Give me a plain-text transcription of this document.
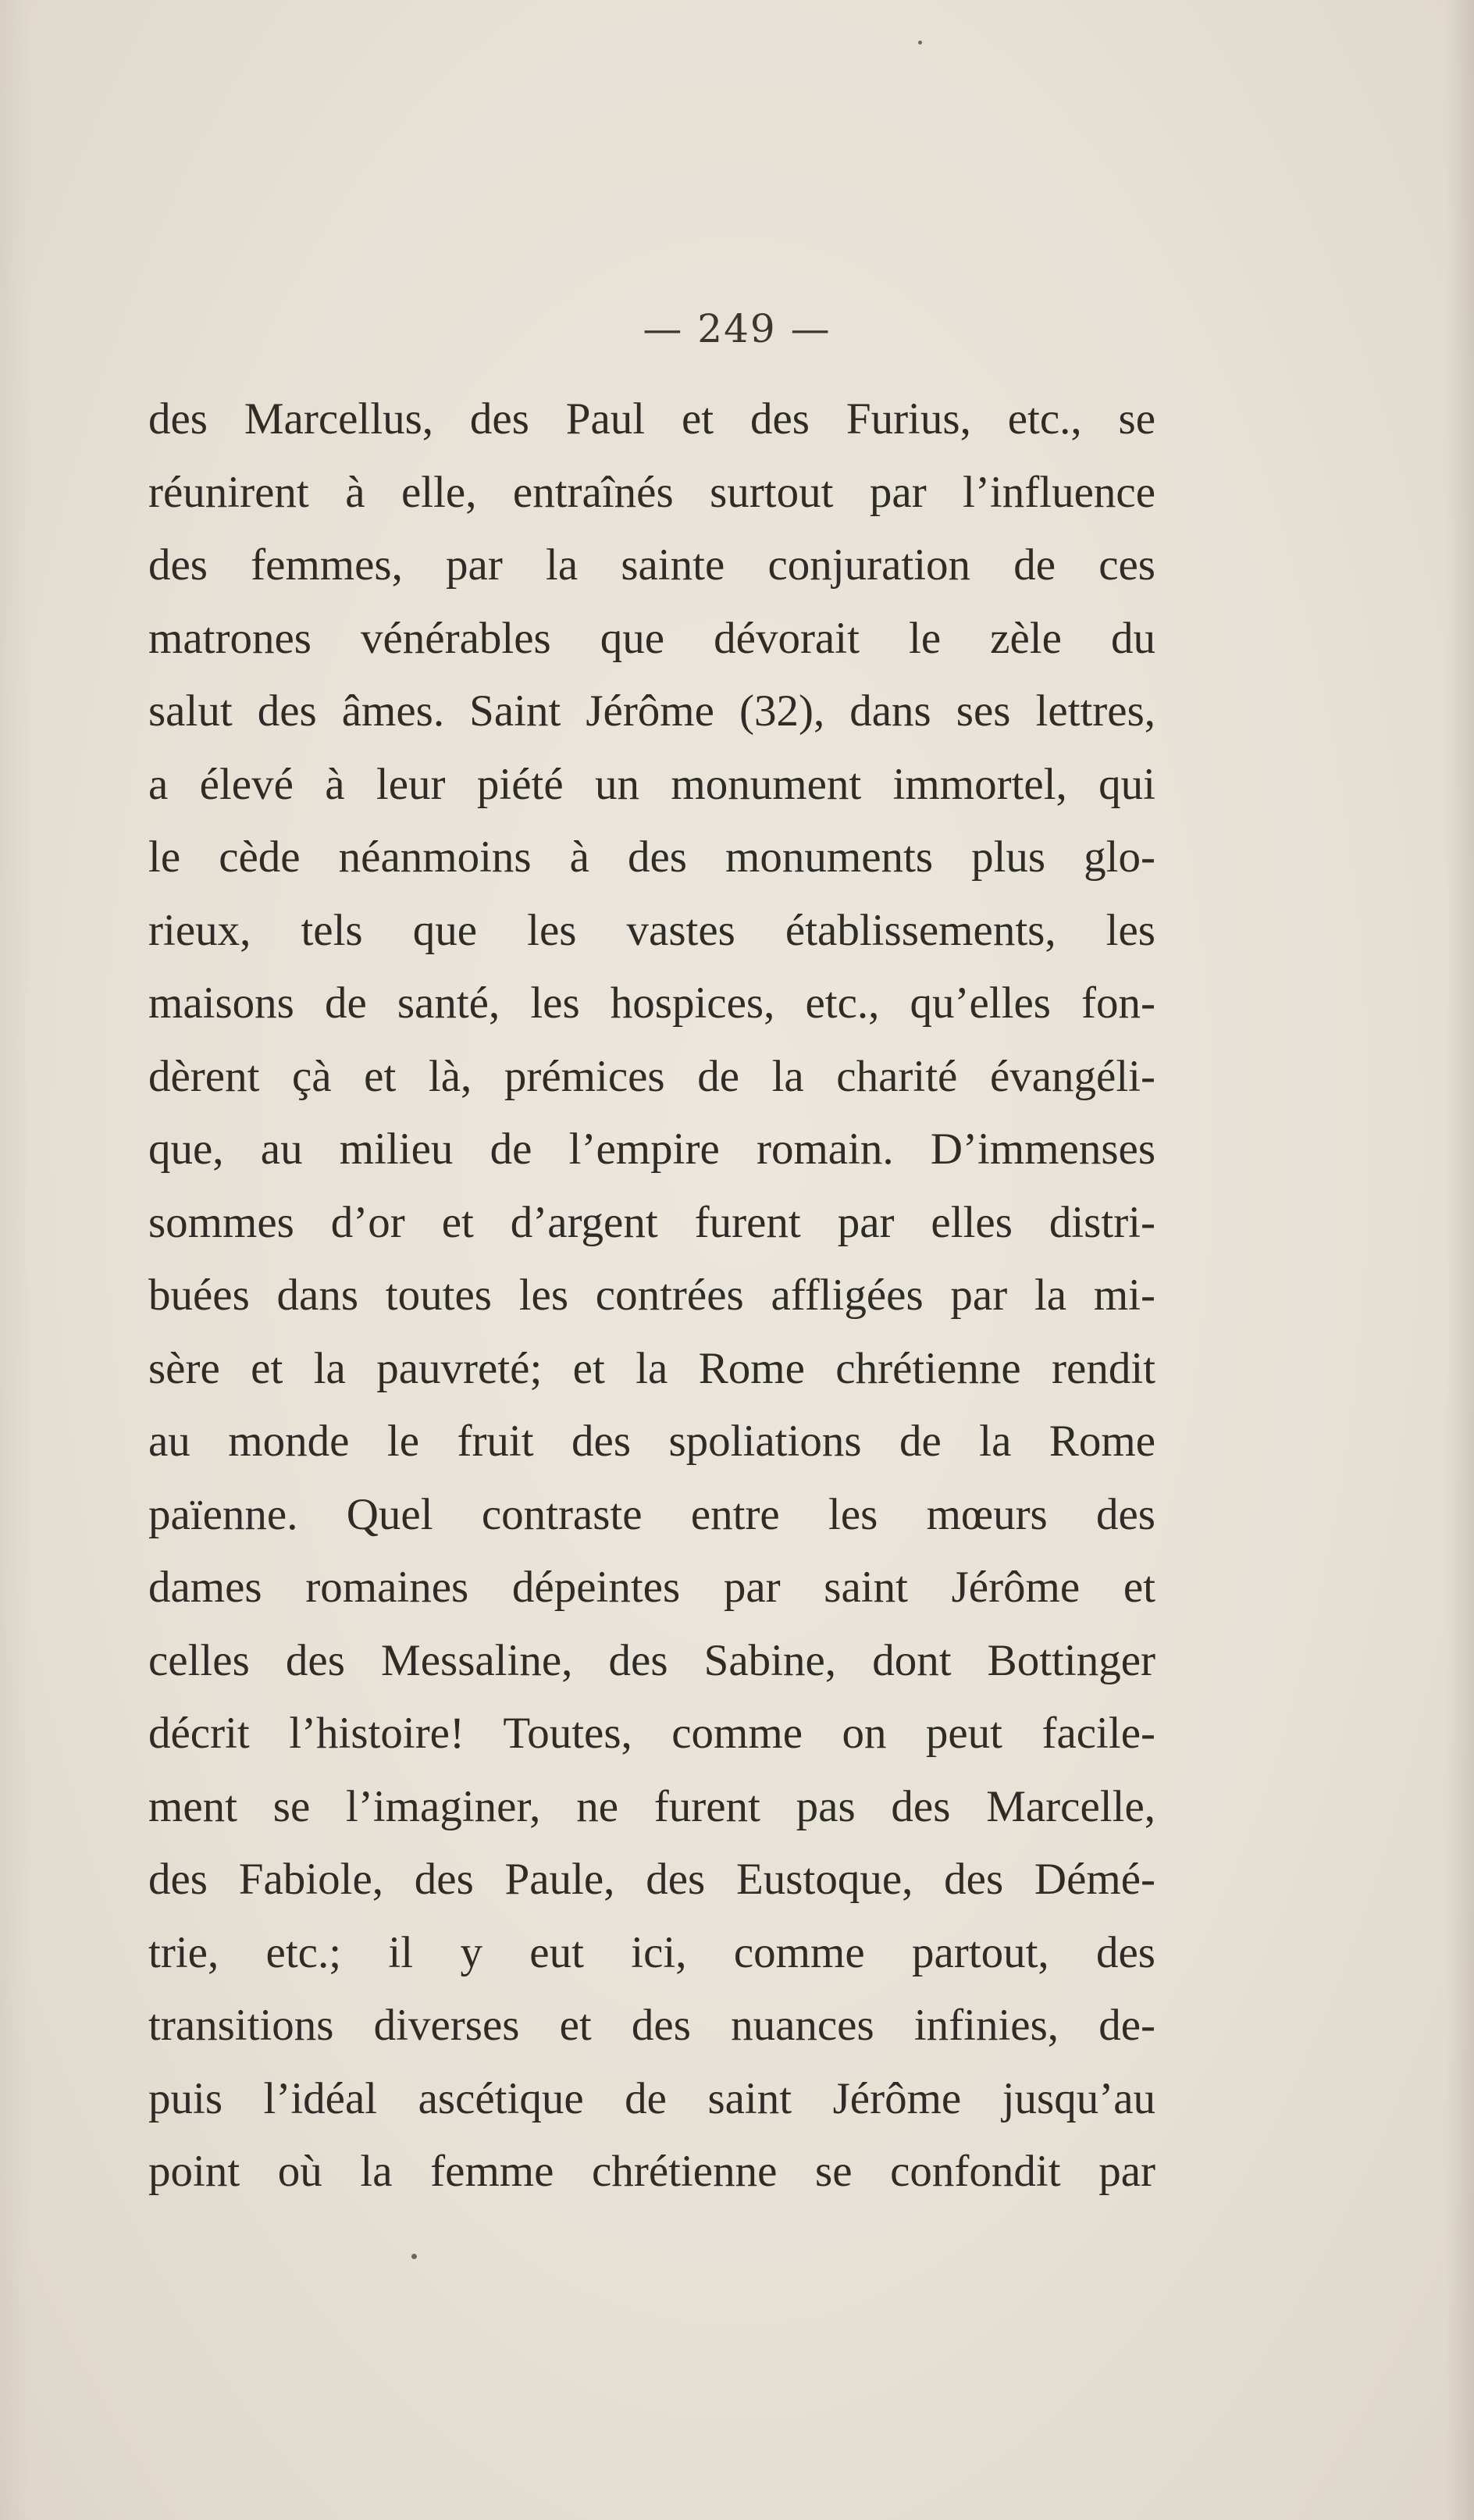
— 249 —
des Marcellus, des Paul et des Furius, etc., se
réunirent à elle, entraînés surtout par l’influence
des femmes, par la sainte conjuration de ces
matrones vénérables que dévorait le zèle du
salut des âmes. Saint Jérôme (32), dans ses lettres,
a élevé à leur piété un monument immortel, qui
le cède néanmoins à des monuments plus glo-
rieux, tels que les vastes établissements, les
maisons de santé, les hospices, etc., qu’elles fon-
dèrent çà et là, prémices de la charité évangéli-
que, au milieu de l’empire romain. D’immenses
sommes d’or et d’argent furent par elles distri-
buées dans toutes les contrées affligées par la mi-
sère et la pauvreté; et la Rome chrétienne rendit
au monde le fruit des spoliations de la Rome
païenne. Quel contraste entre les mœurs des
dames romaines dépeintes par saint Jérôme et
celles des Messaline, des Sabine, dont Bottinger
décrit l’histoire! Toutes, comme on peut facile-
ment se l’imaginer, ne furent pas des Marcelle,
des Fabiole, des Paule, des Eustoque, des Démé-
trie, etc.; il y eut ici, comme partout, des
transitions diverses et des nuances infinies, de-
puis l’idéal ascétique de saint Jérôme jusqu’au
point où la femme chrétienne se confondit par
